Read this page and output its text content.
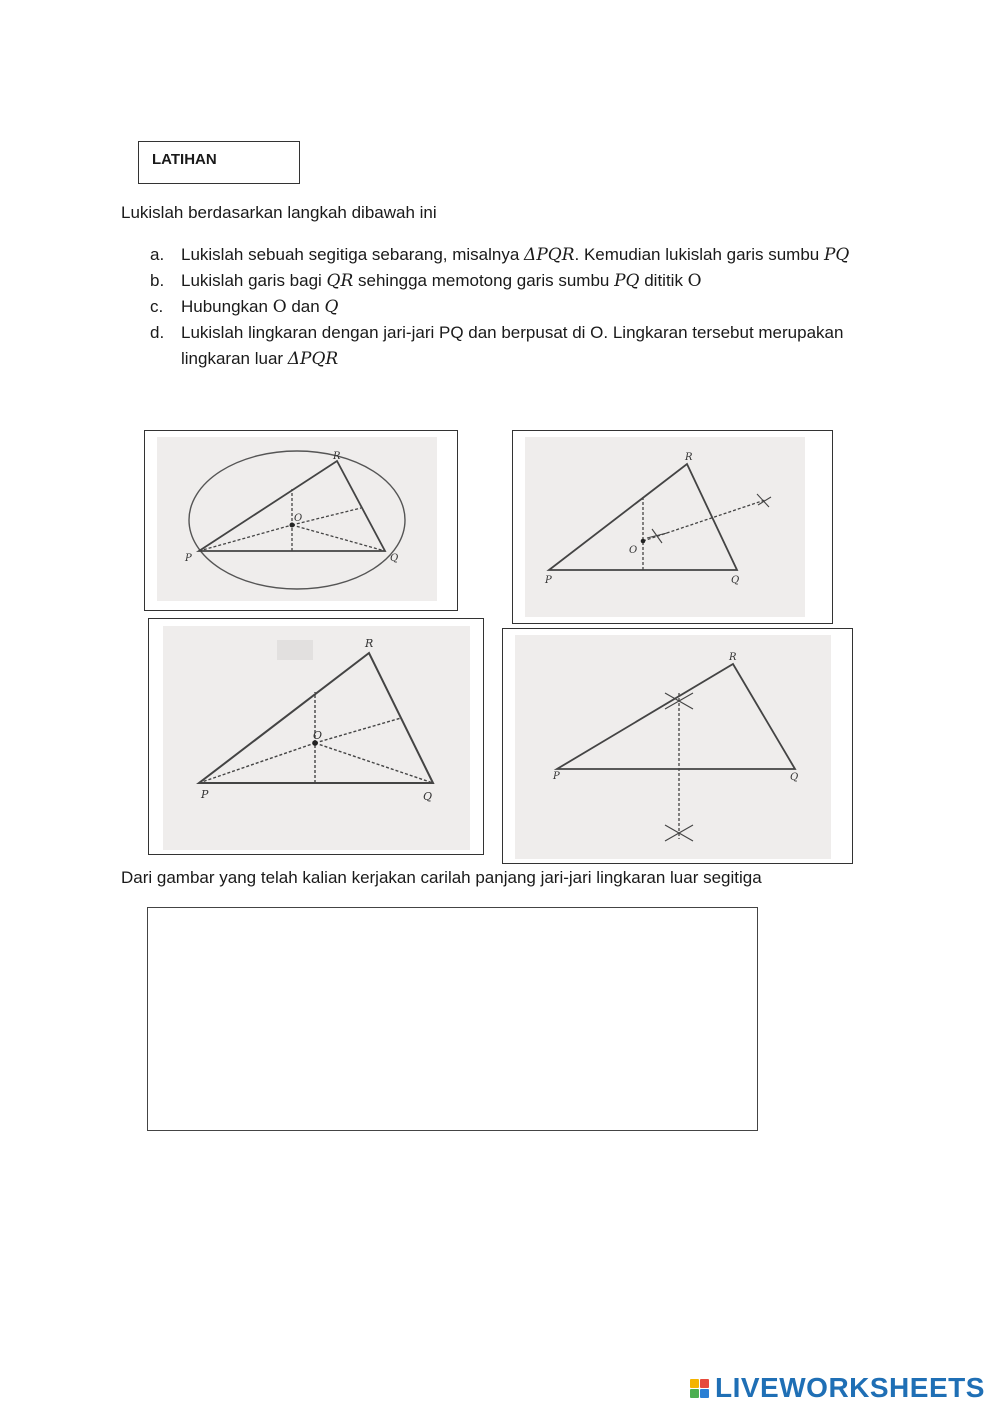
LATIHAN
Lukislah berdasarkan langkah dibawah ini
a. Lukislah sebuah segitiga sebarang, misalnya ΔPQR. Kemudian lukislah garis sumbu PQ
b. Lukislah garis bagi QR sehingga memotong garis sumbu PQ dititik O
c.	Hubungkan O dan Q
d. Lukislah lingkaran dengan jari-jari PQ dan berpusat di O. Lingkaran tersebut merupakan lingkaran luar ΔPQR
P	Q
R
O
P	Q
R
O
P	Q
R
O
P	Q
R
Dari gambar yang telah kalian kerjakan carilah panjang jari-jari lingkaran luar segitiga
LIVEWORKSHEETS
